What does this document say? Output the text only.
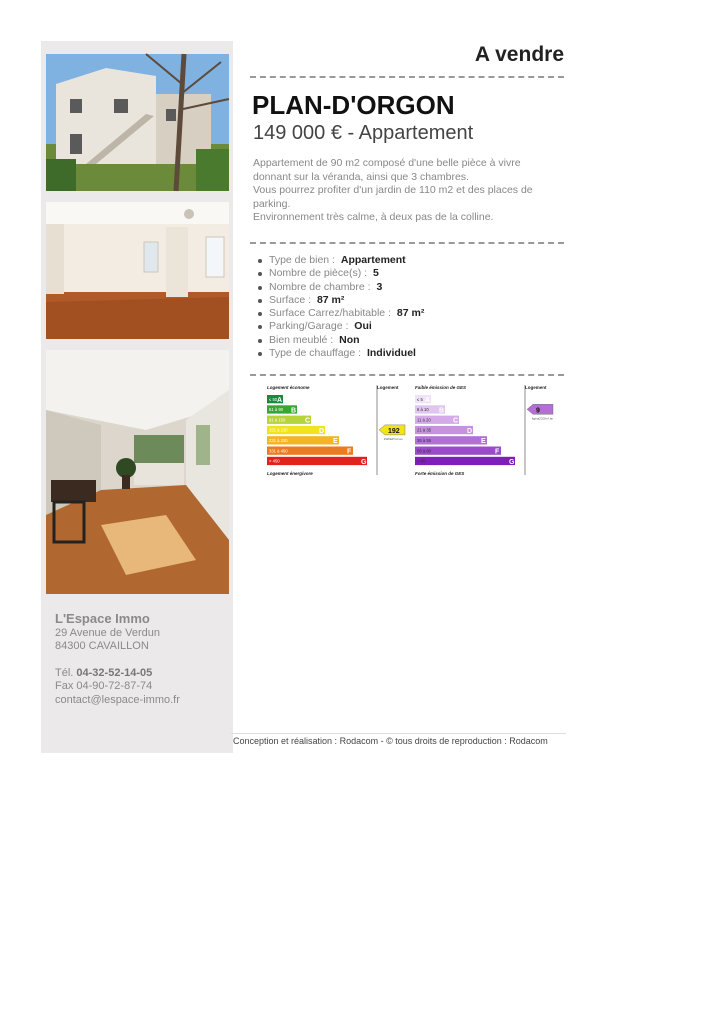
L'Espace Immo
29 Avenue de Verdun
84300 CAVAILLON
Tél. 04-32-52-14-05
Fax 04-90-72-87-74
contact@lespace-immo.fr
A vendre
PLAN-D'ORGON
149 000 € - Appartement

Appartement de 90 m2 composé d'une belle pièce à vivre donnant sur la véranda, ainsi que 3 chambres.

Vous pourrez profiter d'un jardin de 110 m2 et des places de parking.

Environnement très calme, à deux pas de la colline.

Type de bien : Appartement
Nombre de pièce(s) : 5
Nombre de chambre : 3
Surface : 87 m²
Surface Carrez/habitable : 87 m²
Parking/Garage : Oui
Bien meublé : Non
Type de chauffage : Individuel
Logement économe	Logement
≤ 50 A
51 à 90 B
91 à 150	C
151 à 230	D
231 à 330	E
331 à 450	F
> 450	G
Logement énergivore
192
kWhEP/m².an
Faible émission de GES	Logement
≤ 5 A
6 à 10 B
11 à 20	C
21 à 35	D
36 à 55	E
56 à 80	F
> 80	G
Forte émission de GES
9
kgéqCO2/m².an
Conception et réalisation : Rodacom - © tous droits de reproduction : Rodacom
